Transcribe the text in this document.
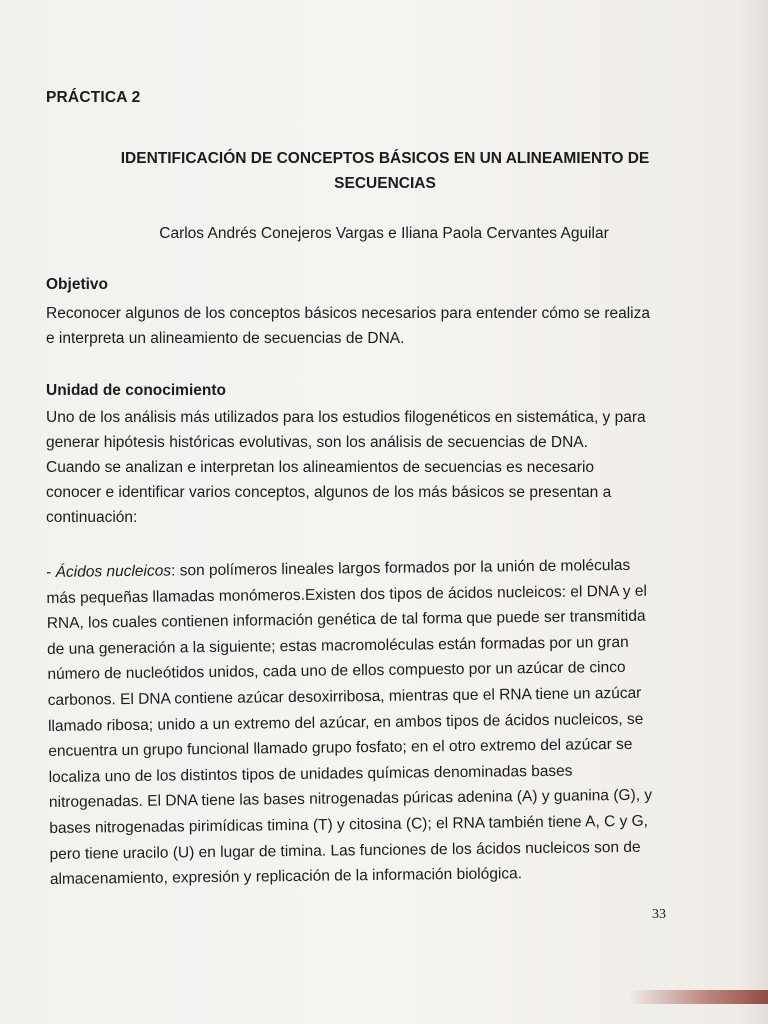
PRÁCTICA 2
IDENTIFICACIÓN DE CONCEPTOS BÁSICOS EN UN ALINEAMIENTO DE
SECUENCIAS
Carlos Andrés Conejeros Vargas e Iliana Paola Cervantes Aguilar
Objetivo
Reconocer algunos de los conceptos básicos necesarios para entender cómo se realiza
e interpreta un alineamiento de secuencias de DNA.
Unidad de conocimiento
Uno de los análisis más utilizados para los estudios filogenéticos en sistemática, y para
generar hipótesis históricas evolutivas, son los análisis de secuencias de DNA.
Cuando se analizan e interpretan los alineamientos de secuencias es necesario
conocer e identificar varios conceptos, algunos de los más básicos se presentan a
continuación:
- Ácidos nucleicos: son polímeros lineales largos formados por la unión de moléculas
más pequeñas llamadas monómeros.Existen dos tipos de ácidos nucleicos: el DNA y el
RNA, los cuales contienen información genética de tal forma que puede ser transmitida
de una generación a la siguiente; estas macromoléculas están formadas por un gran
número de nucleótidos unidos, cada uno de ellos compuesto por un azúcar de cinco
carbonos. El DNA contiene azúcar desoxirribosa, mientras que el RNA tiene un azúcar
llamado ribosa; unido a un extremo del azúcar, en ambos tipos de ácidos nucleicos, se
encuentra un grupo funcional llamado grupo fosfato; en el otro extremo del azúcar se
localiza uno de los distintos tipos de unidades químicas denominadas bases
nitrogenadas. El DNA tiene las bases nitrogenadas púricas adenina (A) y guanina (G), y
bases nitrogenadas pirimídicas timina (T) y citosina (C); el RNA también tiene A, C y G,
pero tiene uracilo (U) en lugar de timina. Las funciones de los ácidos nucleicos son de
almacenamiento, expresión y replicación de la información biológica.
33
